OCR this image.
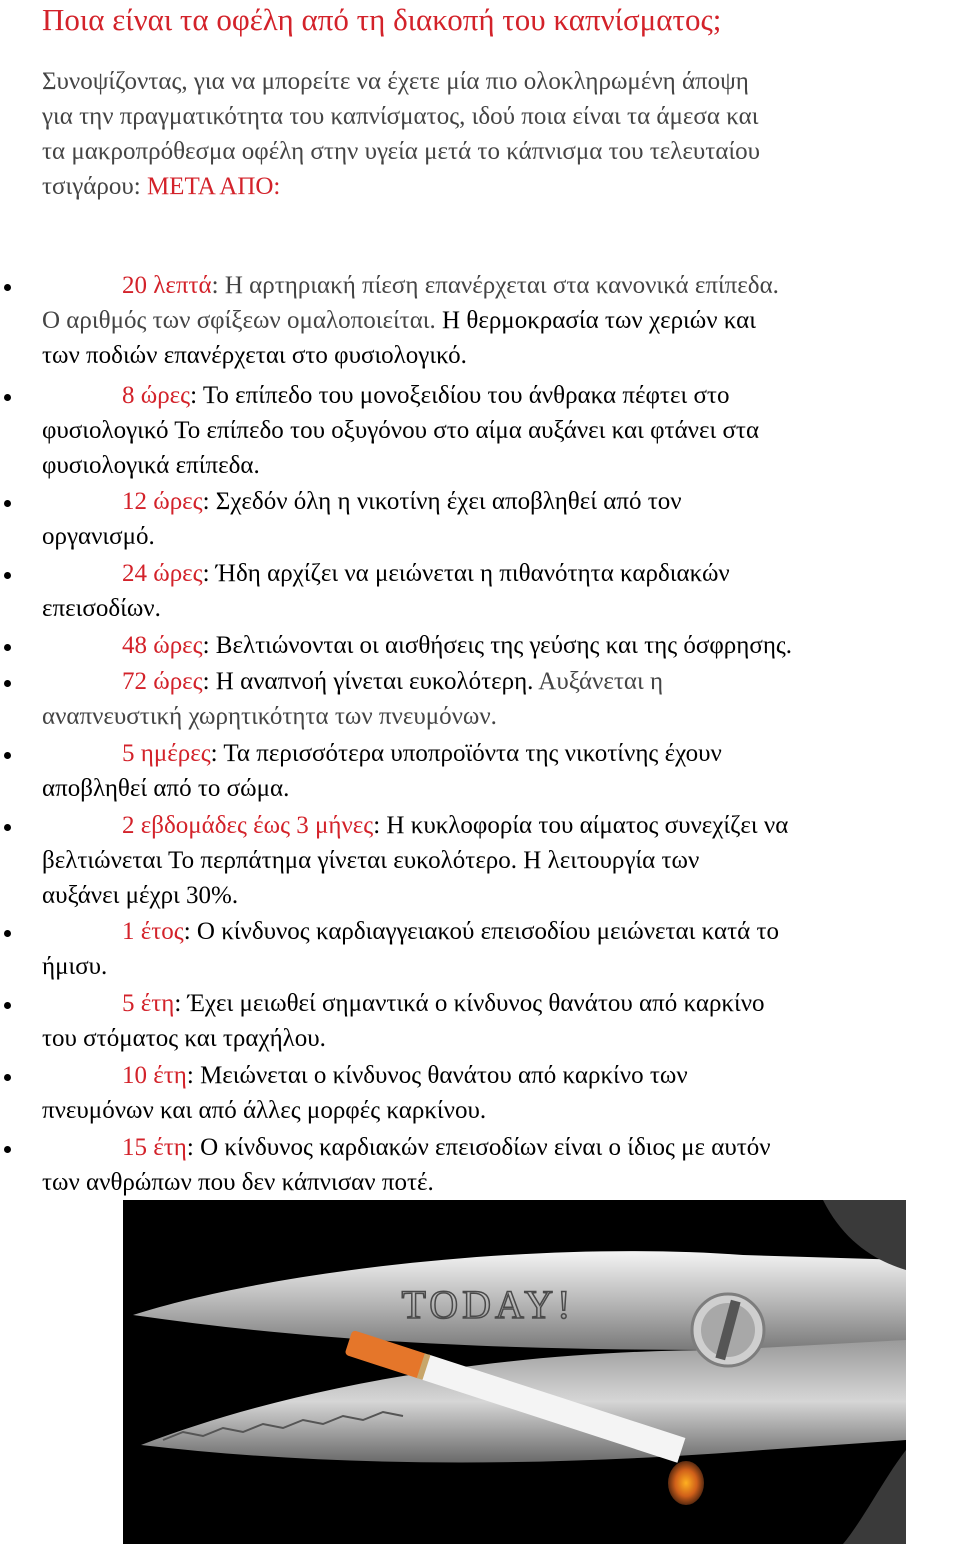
Ποια είναι τα οφέλη από τη διακοπή του καπνίσματος;
Συνοψίζοντας, για να μπορείτε να έχετε μία πιο ολοκληρωμένη άποψη
για την πραγματικότητα του καπνίσματος, ιδού ποια είναι τα άμεσα και
τα μακροπρόθεσμα οφέλη στην υγεία μετά το κάπνισμα του τελευταίου
τσιγάρου: ΜΕΤΑ ΑΠΟ:
20 λεπτά: Η αρτηριακή πίεση επανέρχεται στα κανονικά επίπεδα.
Ο αριθμός των σφίξεων ομαλοποιείται. Η θερμοκρασία των χεριών και
των ποδιών επανέρχεται στο φυσιολογικό.
8 ώρες: Το επίπεδο του μονοξειδίου του άνθρακα πέφτει στο
φυσιολογικό Το επίπεδο του οξυγόνου στο αίμα αυξάνει και φτάνει στα
φυσιολογικά επίπεδα.
12 ώρες: Σχεδόν όλη η νικοτίνη έχει αποβληθεί από τον
οργανισμό.
24 ώρες: Ήδη αρχίζει να μειώνεται η πιθανότητα καρδιακών
επεισοδίων.
48 ώρες: Βελτιώνονται οι αισθήσεις της γεύσης και της όσφρησης.
72 ώρες: Η αναπνοή γίνεται ευκολότερη. Αυξάνεται η
αναπνευστική χωρητικότητα των πνευμόνων.
5 ημέρες: Τα περισσότερα υποπροϊόντα της νικοτίνης έχουν
αποβληθεί από το σώμα.
2 εβδομάδες έως 3 μήνες: Η κυκλοφορία του αίματος συνεχίζει να
βελτιώνεται Το περπάτημα γίνεται ευκολότερο. Η λειτουργία των
αυξάνει μέχρι 30%.
1 έτος: Ο κίνδυνος καρδιαγγειακού επεισοδίου μειώνεται κατά το
ήμισυ.
5 έτη: Έχει μειωθεί σημαντικά ο κίνδυνος θανάτου από καρκίνο
του στόματος και τραχήλου.
10 έτη: Μειώνεται ο κίνδυνος θανάτου από καρκίνο των
πνευμόνων και από άλλες μορφές καρκίνου.
15 έτη: Ο κίνδυνος καρδιακών επεισοδίων είναι ο ίδιος με αυτόν
των ανθρώπων που δεν κάπνισαν ποτέ.
TODAY!
